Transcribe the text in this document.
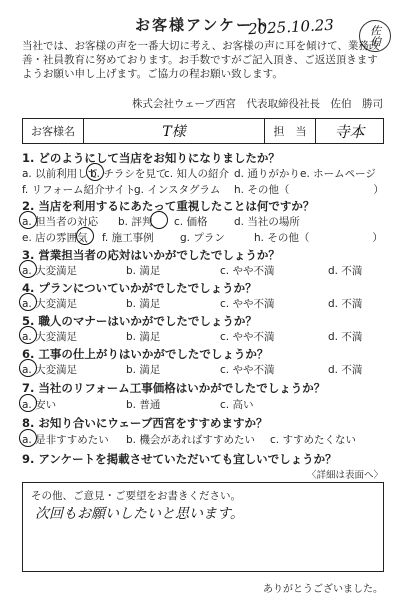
お客様アンケート
2025.10.23	佐伯
当社では、お客様の声を一番大切に考え、お客様の声に耳を傾けて、業務改善・社員教育に努めております。お手数ですがご記入頂き、ご返送頂きますようお願い申し上げます。ご協力の程お願い致します。
株式会社ウェーブ西宮　代表取締役社長　佐伯　勝司
お客様名	T様	担　当	寺本
1. どのようにして当店をお知りになりましたか？
a. 以前利用して
b. チラシを見て
c. 知人の紹介 d. 通りがかり e. ホームページ
f. リフォーム紹介サイト
g. インスタグラム h. その他（　　　　　　　　）
2. 当店を利用するにあたって重視したことは何ですか？
a. 担当者の対応 b. 評判 c. 価格	d. 当社の場所
e. 店の雰囲気 f. 施工事例	g. プラン	h. その他（　　　　　　）
3. 営業担当者の応対はいかがでしたでしょうか？
a. 大変満足	b. 満足	c. やや不満	d. 不満
4. プランについていかがでしたでしょうか？
a. 大変満足	b. 満足	c. やや不満	d. 不満
5. 職人のマナーはいかがでしたでしょうか？
a. 大変満足	b. 満足	c. やや不満	d. 不満
6. 工事の仕上がりはいかがでしたでしょうか？
a. 大変満足	b. 満足	c. やや不満	d. 不満
7. 当社のリフォーム工事価格はいかがでしたでしょうか？
a. 安い	b. 普通	c. 高い
8. お知り合いにウェーブ西宮をすすめますか？
a. 是非すすめたい b. 機会があればすすめたい c. すすめたくない
9. アンケートを掲載させていただいても宜しいでしょうか？
〈詳細は表面へ〉
その他、ご意見・ご要望をお書きください。
次回もお願いしたいと思います。
ありがとうございました。
